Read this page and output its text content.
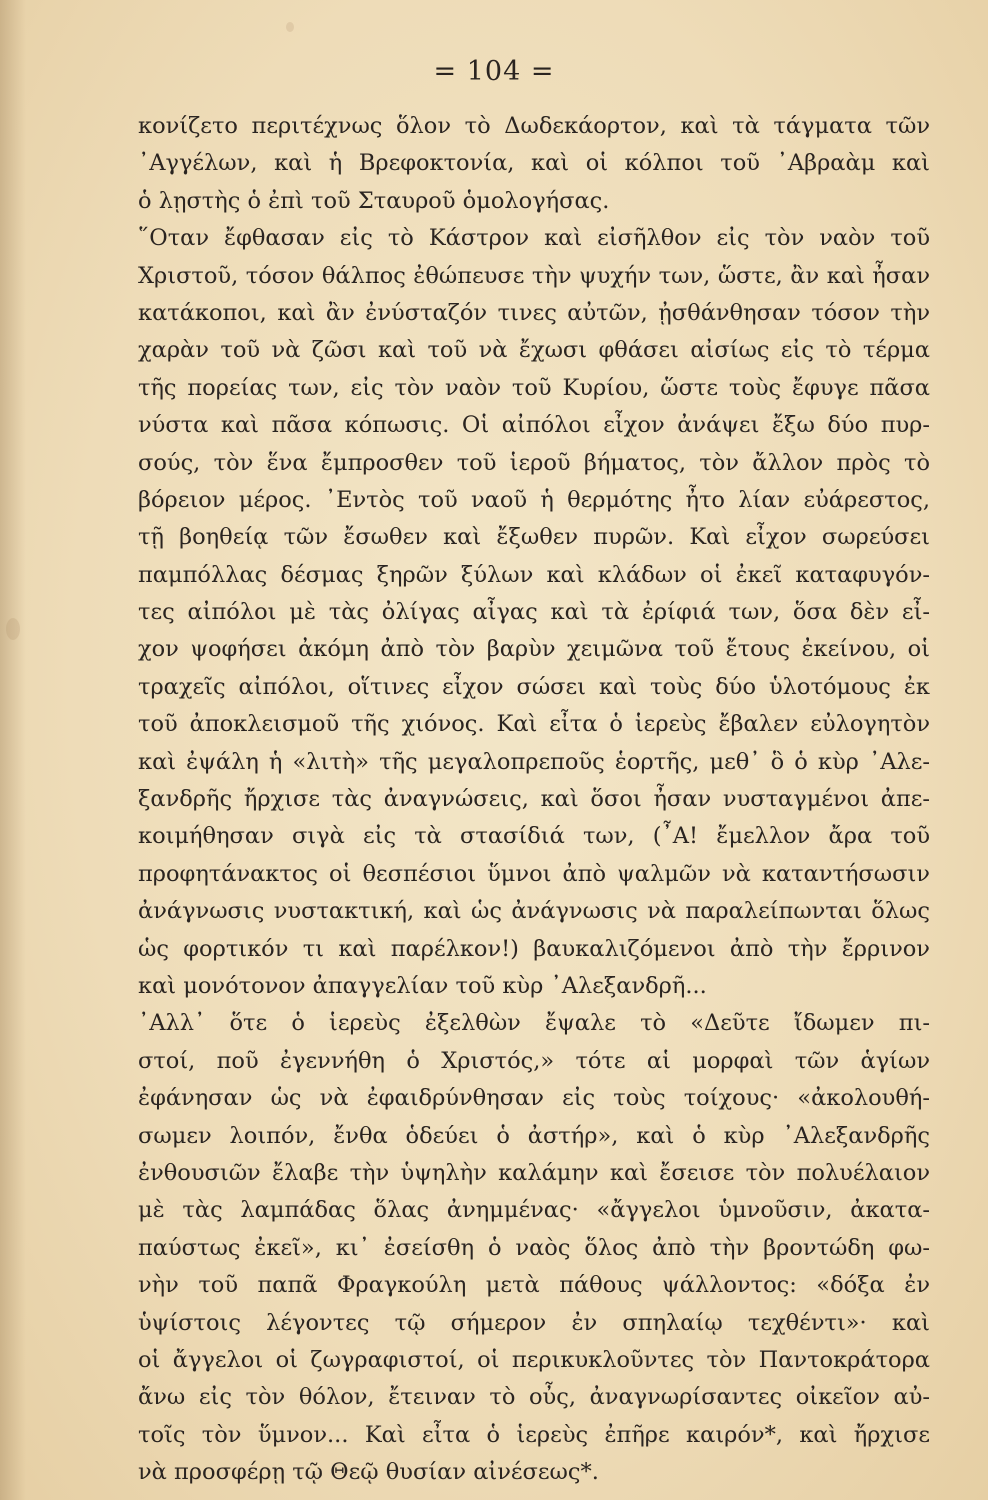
= 104 =
κονίζετο περιτέχνως ὅλον τὸ Δωδεκάορτον, καὶ τὰ τάγματα τῶν
᾿Αγγέλων, καὶ ἡ Βρεφοκτονία, καὶ οἱ κόλποι τοῦ ᾿Αβραὰμ καὶ
ὁ λῃστὴς ὁ ἐπὶ τοῦ Σταυροῦ ὁμολογήσας.
῞Οταν ἔφθασαν εἰς τὸ Κάστρον καὶ εἰσῆλθον εἰς τὸν ναὸν τοῦ
Χριστοῦ, τόσον θάλπος ἐθώπευσε τὴν ψυχήν των, ὥστε, ἂν καὶ ἦσαν
κατάκοποι, καὶ ἂν ἐνύσταζόν τινες αὐτῶν, ᾐσθάνθησαν τόσον τὴν
χαρὰν τοῦ νὰ ζῶσι καὶ τοῦ νὰ ἔχωσι φθάσει αἰσίως εἰς τὸ τέρμα
τῆς πορείας των, εἰς τὸν ναὸν τοῦ Κυρίου, ὥστε τοὺς ἔφυγε πᾶσα
νύστα καὶ πᾶσα κόπωσις. Οἱ αἰπόλοι εἶχον ἀνάψει ἔξω δύο πυρ-
σούς, τὸν ἕνα ἔμπροσθεν τοῦ ἱεροῦ βήματος, τὸν ἄλλον πρὸς τὸ
βόρειον μέρος. ᾿Εντὸς τοῦ ναοῦ ἡ θερμότης ἦτο λίαν εὐάρεστος,
τῇ βοηθείᾳ τῶν ἔσωθεν καὶ ἔξωθεν πυρῶν. Καὶ εἶχον σωρεύσει
παμπόλλας δέσμας ξηρῶν ξύλων καὶ κλάδων οἱ ἐκεῖ καταφυγόν-
τες αἰπόλοι μὲ τὰς ὀλίγας αἶγας καὶ τὰ ἐρίφιά των, ὅσα δὲν εἶ-
χον ψοφήσει ἀκόμη ἀπὸ τὸν βαρὺν χειμῶνα τοῦ ἔτους ἐκείνου, οἱ
τραχεῖς αἰπόλοι, οἵτινες εἶχον σώσει καὶ τοὺς δύο ὑλοτόμους ἐκ
τοῦ ἀποκλεισμοῦ τῆς χιόνος. Καὶ εἶτα ὁ ἱερεὺς ἔβαλεν εὐλογητὸν
καὶ ἐψάλη ἡ «λιτὴ» τῆς μεγαλοπρεποῦς ἑορτῆς, μεθ᾿ ὃ ὁ κὺρ ᾿Αλε-
ξανδρῆς ἤρχισε τὰς ἀναγνώσεις, καὶ ὅσοι ἦσαν νυσταγμένοι ἀπε-
κοιμήθησαν σιγὰ εἰς τὰ στασίδιά των, (῏Α! ἔμελλον ἄρα τοῦ
προφητάνακτος οἱ θεσπέσιοι ὕμνοι ἀπὸ ψαλμῶν νὰ καταντήσωσιν
ἀνάγνωσις νυστακτική, καὶ ὡς ἀνάγνωσις νὰ παραλείπωνται ὅλως
ὡς φορτικόν τι καὶ παρέλκον!) βαυκαλιζόμενοι ἀπὸ τὴν ἔρρινον
καὶ μονότονον ἀπαγγελίαν τοῦ κὺρ ᾿Αλεξανδρῆ...
᾿Αλλ᾿ ὅτε ὁ ἱερεὺς ἐξελθὼν ἔψαλε τὸ «Δεῦτε ἴδωμεν πι-
στοί, ποῦ ἐγεννήθη ὁ Χριστός,» τότε αἱ μορφαὶ τῶν ἁγίων
ἐφάνησαν ὡς νὰ ἐφαιδρύνθησαν εἰς τοὺς τοίχους· «ἀκολουθή-
σωμεν λοιπόν, ἔνθα ὁδεύει ὁ ἀστήρ», καὶ ὁ κὺρ ᾿Αλεξανδρῆς
ἐνθουσιῶν ἔλαβε τὴν ὑψηλὴν καλάμην καὶ ἔσεισε τὸν πολυέλαιον
μὲ τὰς λαμπάδας ὅλας ἀνημμένας· «ἄγγελοι ὑμνοῦσιν, ἀκατα-
παύστως ἐκεῖ», κι᾿ ἐσείσθη ὁ ναὸς ὅλος ἀπὸ τὴν βροντώδη φω-
νὴν τοῦ παπᾶ Φραγκούλη μετὰ πάθους ψάλλοντος: «δόξα ἐν
ὑψίστοις λέγοντες τῷ σήμερον ἐν σπηλαίῳ τεχθέντι»· καὶ
οἱ ἄγγελοι οἱ ζωγραφιστοί, οἱ περικυκλοῦντες τὸν Παντοκράτορα
ἄνω εἰς τὸν θόλον, ἔτειναν τὸ οὖς, ἀναγνωρίσαντες οἰκεῖον αὐ-
τοῖς τὸν ὕμνον... Καὶ εἶτα ὁ ἱερεὺς ἐπῆρε καιρόν*, καὶ ἤρχισε
νὰ προσφέρῃ τῷ Θεῷ θυσίαν αἰνέσεως*.
